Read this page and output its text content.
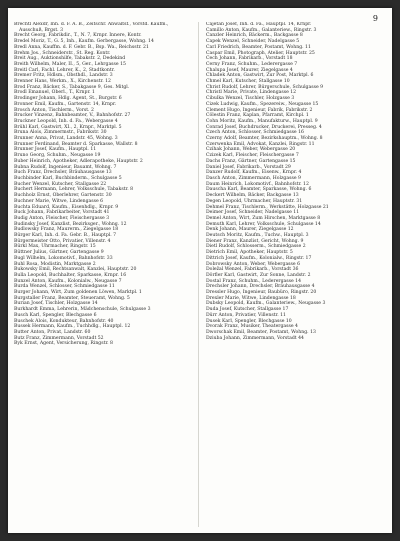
9
Brechtl Alexdr, Inh. d. F. A. B., Zeitschr. Anwaltsf., Vorstd. Kaufm., Ausschuß, Brgst. 3
Brecht Georg, Fabrikdir., T., N. 7, Krnpr. Innere, Kontr.
Bredel Moriz, T., G. 5, Inh., Kaufm. Gerbergasse, Wohng. 14
Bredl Anna, Kauffm. d. F. Gebr. B., Bsp. Wa., Reichsstr. 21
Brehm Jos., Schneiderstr., St. Reg. Kontr.
Breit Aug., Auktionshilfe, Tabakstr. 2, Dedekind
Breith Wilhelm, Maler, II., 5, Ger., Lehrgasse 15
Breitl Carl, Fachl. Lehrer, K., 2, Stadtkontr.
Bremer Fritz, Hdlsm., Obsthdl., Landstr. 3
Brenner Hans, Werkm., X., Kirchenstr. 12
Brod Franz, Bäcker, S., Tabakgasse 9, Ges. Mitgl.
Brodl Emanuel, Oberl., T., Krnpr. 1
Brodinger Johann, Hdlg. Agent, St., Burgstr. 6
Bronner Emil, Kaufm., Gartenstr. 14, Krnpr.
Brosch Anton, Tischlerm., Vorst. 2
Brucker Vinzenz, Bahnbeamter, V., Bahnhofstr. 27
Bruckner Leopold, Inh. d. Fa., Webergasse 4
Brühl Karl, Gastwirt, XI., 2, Krnpr., Marktpl. 5
Bruna Alois, Zimmermstr., Fabrikstr. 30
Brunner Anna, Privat, Landstr. 45, Wohng. 3
Brunner Ferdinand, Beamter d. Sparkasse, Wallstr. 8
Brunner Josef, Kaufm., Hauptpl. 11
Bruno Georg, Schuhm., Neugasse 19
Buber Heinrich, Apotheker, Adlerapotheke, Hauptstr. 2
Bubna Rudolf, Ingenieur, Bauamt, Wohng. 7
Buch Franz, Drechsler, Bräuhausgasse 13
Buchbinder Karl, Buchbinderm., Schulgasse 5
Bucher Wenzel, Kutscher, Stallgasse 22
Buchert Hermann, Lehrer, Volksschule, Tabakstr. 8
Buchholz Ernst, Oberlehrer, Gartenstr. 30
Buchner Marie, Witwe, Lindengasse 6
Buchta Eduard, Kaufm., Eisenhdlg., Krnpr. 9
Buck Johann, Fabrikarbeiter, Vorstadt 41
Budig Anton, Fleischer, Fleischergasse 3
Budinsky Josef, Kanzlist, Bezirksger., Wohng. 12
Budlowsky Franz, Maurerm., Ziegelgasse 18
Bürger Karl, Inh. d. Fa. Gebr. B., Hauptpl. 7
Bürgermeister Otto, Privatier, Villenstr. 4
Bürkl Max, Uhrmacher, Ringstr. 15
Büttner Julius, Gärtner, Gartengasse 9
Bugl Wilhelm, Lokomotivf., Bahnhofstr. 33
Buhl Rosa, Modistin, Marktgasse 2
Bukowsky Emil, Rechtsanwalt, Kanzlei, Hauptstr. 20
Bulla Leopold, Buchhalter, Sparkasse, Krnpr. 16
Bunzel Anton, Kaufm., Kolonialw., Neugasse 7
Burda Wenzel, Schlosser, Schmiedgasse 11
Burger Johann, Wirt, Zum goldenen Löwen, Marktpl. 1
Burgstaller Franz, Beamter, Steueramt, Wohng. 5
Burian Josef, Tischler, Holzgasse 14
Burkhardt Emma, Lehrerin, Mädchenschule, Schulgasse 3
Busch Karl, Spengler, Blechgasse 6
Buschek Alois, Kondukteur, Bahnhofstr. 40
Bussek Hermann, Kaufm., Tuchhdlg., Hauptpl. 12
Butter Anton, Privat, Landstr. 60
Butz Franz, Zimmermann, Vorstadt 52
Byk Ernst, Agent, Versicherung, Ringstr. 8
Cajetan Josef, Inh. d. Fa., Hauptpl. 14, Krnpr.
Camillo Anton, Kaufm., Galanteriew., Ringstr. 3
Canzler Heinrich, Bäckerm., Backgasse 8
Capek Wenzel, Schneider, Nadelgasse 5
Carl Friedrich, Beamter, Postamt, Wohng. 11
Caspar Emil, Photograph, Atelier, Hauptstr. 25
Cech Johann, Fabrikarb., Vorstadt 18
Cerny Franz, Schuhm., Lederergasse 7
Chalupa Josef, Maurer, Ziegelgasse 4
Chladek Anton, Gastwirt, Zur Post, Marktpl. 6
Chmel Karl, Kutscher, Stallgasse 10
Christ Rudolf, Lehrer, Bürgerschule, Schulgasse 9
Christl Marie, Private, Lindengasse 12
Cibulka Wenzel, Tischler, Holzgasse 3
Cizek Ludwig, Kaufm., Spezereiw., Neugasse 15
Clement Hugo, Ingenieur, Fabrik, Fabrikstr. 2
Cölestin Franz, Kaplan, Pfarramt, Kirchpl. 1
Cohn Moritz, Kaufm., Manufakturw., Hauptpl. 9
Conrad Josef, Buchdrucker, Druckerei, Presseg. 4
Czech Anton, Schlosser, Schmiedgasse 16
Czerny Adolf, Beamter, Bezirkshauptm., Wohng. 8
Czerwenka Emil, Advokat, Kanzlei, Ringstr. 11
Czihak Johann, Weber, Webergasse 20
Czizek Karl, Fleischer, Fleischergasse 7
Dachs Franz, Gärtner, Gartengasse 15
Daniel Josef, Fabrikarb., Vorstadt 29
Danzer Rudolf, Kaufm., Eisenw., Krnpr. 4
Dasch Anton, Zimmermann, Holzgasse 9
Daum Heinrich, Lokomotivf., Bahnhofstr. 12
Dauscha Karl, Beamter, Sparkasse, Wohng. 6
Deckert Wilhelm, Bäcker, Backgasse 13
Degen Leopold, Uhrmacher, Hauptstr. 31
Dehmel Franz, Tischlerm., Werkstätte, Holzgasse 21
Deimer Josef, Schneider, Nadelgasse 11
Demel Anton, Wirt, Zum Hirschen, Marktgasse 8
Demuth Karl, Lehrer, Volksschule, Schulgasse 14
Denk Johann, Maurer, Ziegelgasse 12
Deutsch Moritz, Kaufm., Tuchw., Hauptpl. 3
Diener Franz, Kanzlist, Gericht, Wohng. 9
Dietl Rudolf, Schlosserm., Schmiedgasse 2
Dietrich Emil, Apotheker, Hauptstr. 5
Dittrich Josef, Kaufm., Kolonialw., Ringstr. 17
Dobrowsky Anton, Weber, Webergasse 6
Doležal Wenzel, Fabrikarb., Vorstadt 36
Dörfler Karl, Gastwirt, Zur Sonne, Landstr. 2
Dostal Franz, Schuhm., Lederergasse 14
Drechsler Johann, Drechsler, Bräuhausgasse 4
Dressler Hugo, Ingenieur, Baubüro, Ringstr. 20
Drexler Marie, Witwe, Lindengasse 18
Dubsky Leopold, Kaufm., Galanteriew., Neugasse 3
Duda Josef, Kutscher, Stallgasse 17
Dürr Anton, Privatier, Villenstr. 11
Dusek Karl, Spengler, Blechgasse 10
Dvorak Franz, Musiker, Theatergasse 4
Dworschak Emil, Beamter, Postamt, Wohng. 13
Dziuba Johann, Zimmermann, Vorstadt 44
